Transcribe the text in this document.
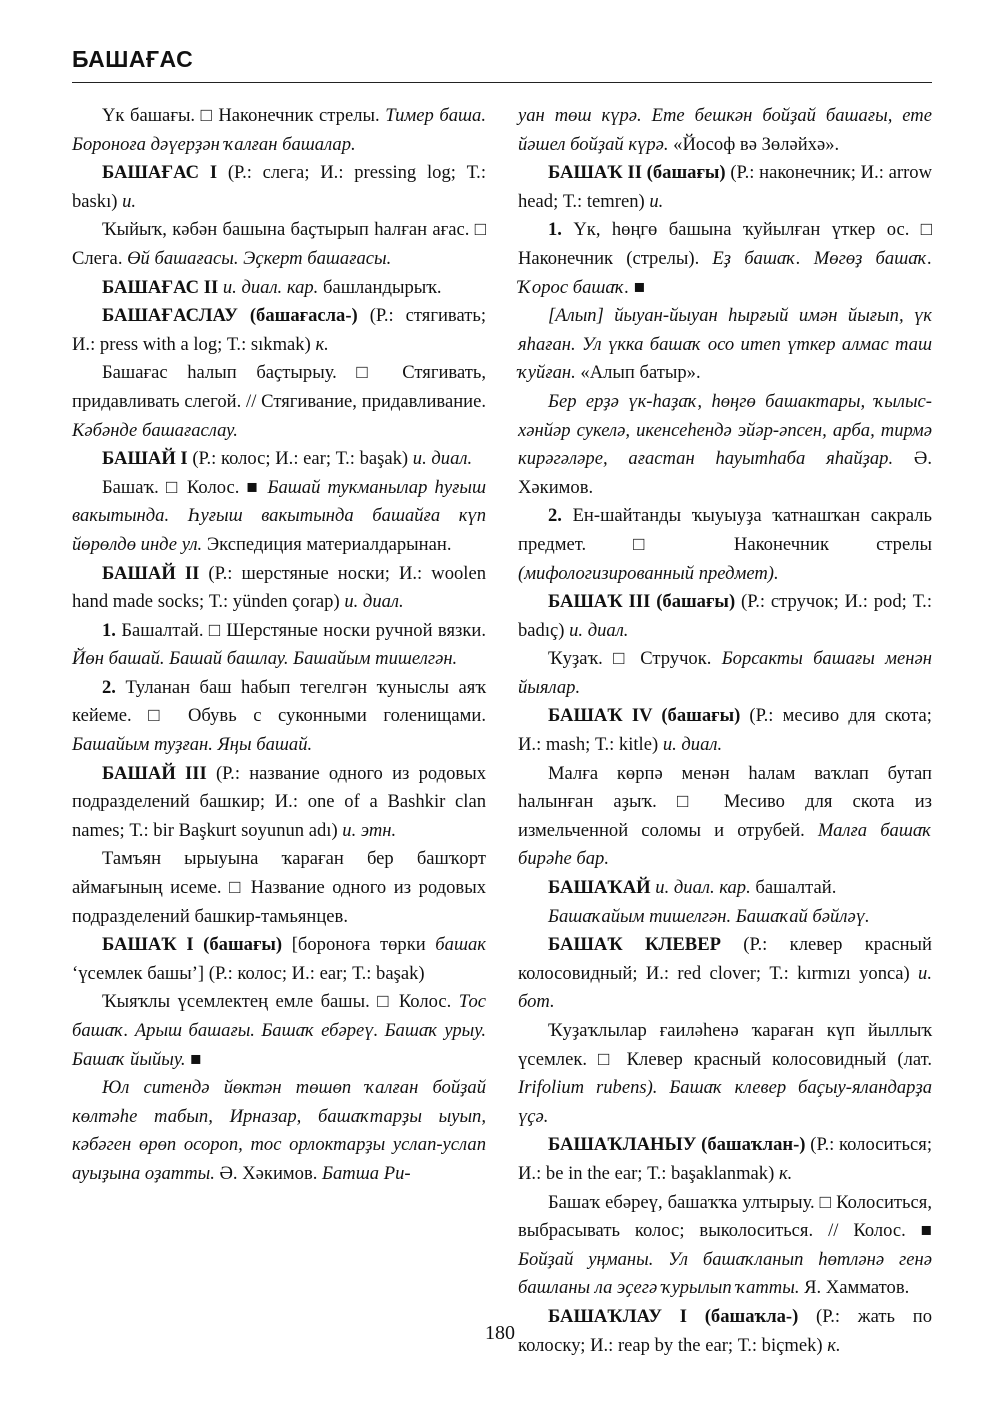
БАШАҒАС

Үк башағы. □ Наконечник стрелы. Тимер баша. Бороноға дәүерҙән ҡалған башалар.

БАШАҒАС I (Р.: слега; И.: pressing log; Т.: baskı) и.

Ҡыйыҡ, кәбән башына баҫтырып һалған ағас. □ Слега. Өй башағасы. Эҫкерт башағасы.

БАШАҒАС II и. диал. кар. башландырыҡ.

БАШАҒАСЛАУ (башағасла-) (Р.: стягивать; И.: press with a log; Т.: sıkmak) к.

Башағас һалып баҫтырыу. □ Стягивать, придавливать слегой. // Стягивание, придавливание. Кәбәнде башағаслау.

БАШАЙ I (Р.: колос; И.: ear; Т.: başak) и. диал.

Башаҡ. □ Колос. ■ Башай тукманылар һуғыш вакытында. Һуғыш вакытында башайға күп йөрөлдө инде ул. Экспедиция материалдарынан.

БАШАЙ II (Р.: шерстяные носки; И.: woolen hand made socks; Т.: yünden çorap) и. диал.

1. Башалтай. □ Шерстяные носки ручной вязки. Йөн башай. Башай башлау. Башайым тишелгән.

2. Туланан баш һабып тегелгән ҡуныслы аяҡ кейеме. □ Обувь с суконными голенищами. Башайым туҙған. Яңы башай.

БАШАЙ III (Р.: название одного из родовых подразделений башкир; И.: one of a Bashkir clan names; Т.: bir Başkurt soyunun adı) и. этн.

Тамъян ырыуына ҡараған бер башҡорт аймағының исеме. □ Название одного из родовых подразделений башкир-тамьянцев.

БАШАҠ I (башағы) [бороноға төрки башак ‘үсемлек башы’] (Р.: колос; И.: ear; Т.: başak)

Ҡыяҡлы үсемлектең емле башы. □ Колос. Тос башаҡ. Арыш башағы. Башаҡ ебәреү. Башаҡ урыу. Башаҡ йыйыу. ■

Юл ситендә йөктән төшөп ҡалған бойҙай көлтәһе табып, Ирназар, башаҡтарҙы ыуып, кәбәген өрөп осороп, тос орлоктарҙы услап-услап ауыҙына оҙатты. Ә. Хәкимов. Батша Ри-

уан төш күрә. Ете бешкән бойҙай башағы, ете йәшел бойҙай күрә. «Йософ вә Зөләйхә».

БАШАҠ II (башағы) (Р.: наконечник; И.: arrow head; Т.: temren) и.

1. Үк, һөңгө башына ҡуйылған үткер ос. □ Наконечник (стрелы). Еҙ башаҡ. Мөгөҙ башаҡ. Ҡорос башаҡ. ■

[Алып] йыуан-йыуан һырғый имән йығып, үк яһаған. Ул үкка башаҡ осо итеп үткер алмас таш ҡуйған. «Алып батыр».

Бер ерҙә үк-һаҙаҡ, һөңгө башактары, ҡылыс-хәнйәр сукелә, икенсеһендә эйәр-әпсен, арба, тирмә кирәгәләре, ағастан һауытһаба яһайҙар. Ә. Хәкимов.

2. Ен-шайтанды ҡыуыуҙа ҡатнашҡан сакраль предмет. □ Наконечник стрелы (мифологизированный предмет).

БАШАҠ III (башағы) (Р.: стручок; И.: pod; Т.: badıç) и. диал.

Ҡуҙаҡ. □ Стручок. Борсакты башағы менән йыялар.

БАШАҠ IV (башағы) (Р.: месиво для скота; И.: mash; Т.: kitle) и. диал.

Малға көрпә менән һалам ваҡлап бутап һалынған аҙыҡ. □ Месиво для скота из измельченной соломы и отрубей. Малға башаҡ бирәһе бар.

БАШАҠАЙ и. диал. кар. башалтай.

Башаҡайым тишелгән. Башаҡай бәйләү.

БАШАҠ КЛЕВЕР (Р.: клевер красный колосовидный; И.: red clover; Т.: kırmızı yonca) и. бот.

Ҡуҙаҡлылар ғаиләһенә ҡараған күп йыллыҡ үсемлек. □ Клевер красный колосовидный (лат. Irifolium rubens). Башаҡ клевер баҫыу-яландарҙа үҫә.

БАШАҠЛАНЫУ (башаҡлан-) (Р.: колоситься; И.: be in the ear; Т.: başaklanmak) к.

Башаҡ ебәреү, башаҡҡа ултырыу. □ Колоситься, выбрасывать колос; выколоситься. // Колос. ■ Бойҙай уңманы. Ул башаҡланып һөтләнә генә башланы ла эҫегә ҡурылып ҡатты. Я. Хамматов.

БАШАҠЛАУ I (башаҡла-) (Р.: жать по колоску; И.: reap by the ear; Т.: biçmek) к.

180
